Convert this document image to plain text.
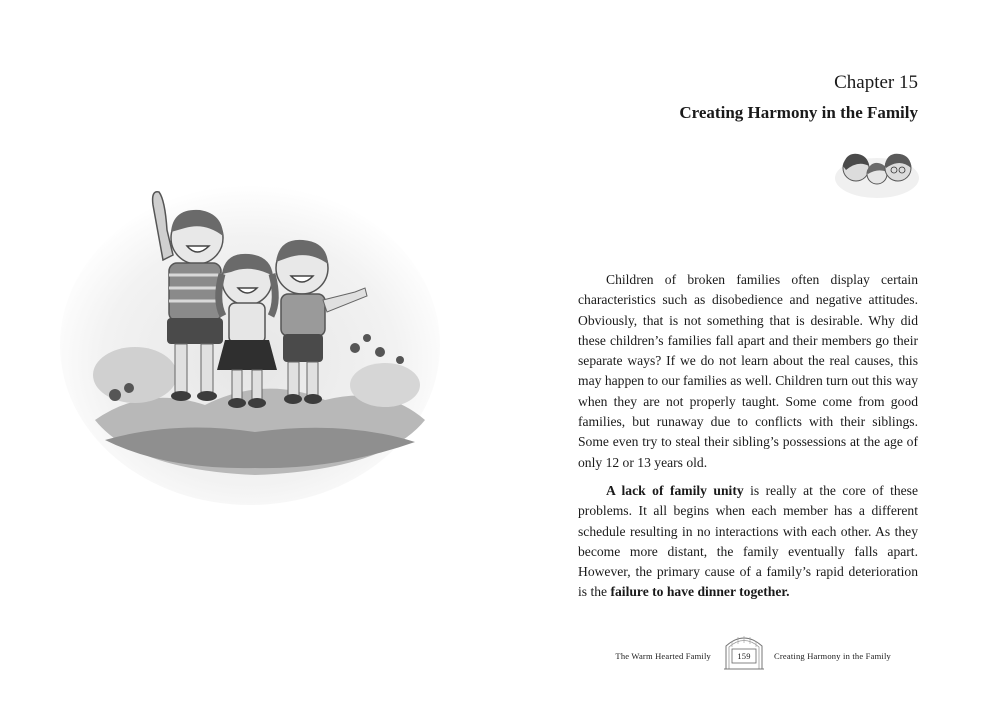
Chapter 15
Creating Harmony in the Family

Children of broken families often display certain characteristics such as disobedience and negative attitudes. Obviously, that is not something that is desirable. Why did these children’s families fall apart and their members go their separate ways? If we do not learn about the real causes, this may happen to our families as well. Children turn out this way when they are not properly taught. Some come from good families, but runaway due to conflicts with their siblings. Some even try to steal their sibling’s possessions at the age of only 12 or 13 years old.

A lack of family unity is really at the core of these problems. It all begins when each member has a different schedule resulting in no interactions with each other. As they become more distant, the family eventually falls apart. However, the primary cause of a family’s rapid deterioration is the failure to have dinner together.

The Warm Hearted Family	159	Creating Harmony in the Family
